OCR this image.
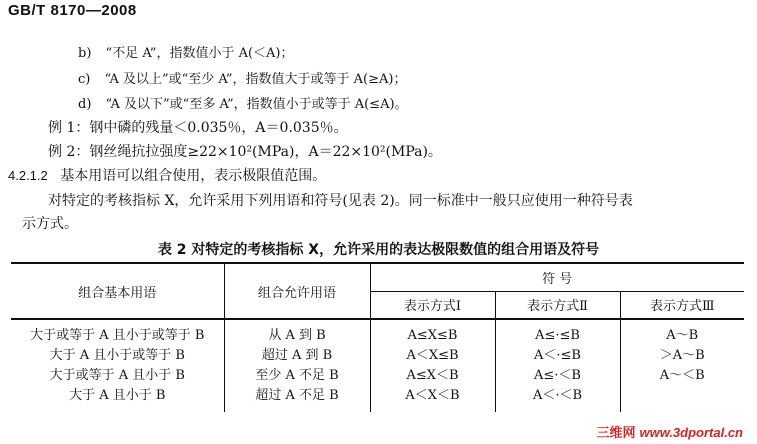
GB/T 8170—2008
b) “不足 A”，指数值小于 A(＜A)；
c) “A 及以上”或“至少 A”，指数值大于或等于 A(≥A)；
d) “A 及以下”或“至多 A”，指数值小于或等于 A(≤A)。
例 1：钢中磷的残量＜0.035％，A＝0.035％。
例 2：钢丝绳抗拉强度≥22×10²(MPa)，A＝22×10²(MPa)。
4.2.1.2 基本用语可以组合使用，表示极限值范围。
对特定的考核指标 X，允许采用下列用语和符号(见表 2)。同一标准中一般只应使用一种符号表
示方式。
表 2 对特定的考核指标 X，允许采用的表达极限数值的组合用语及符号
组合基本用语	组合允许用语	符 号		
		表示方式Ⅰ	表示方式Ⅱ	表示方式Ⅲ
大于或等于 A 且小于或等于 B	从 A 到 B	A≤X≤B	A≤·≤B	A～B
大于 A 且小于或等于 B	超过 A 到 B	A＜X≤B	A＜·≤B	＞A～B
大于或等于 A 且小于 B	至少 A 不足 B	A≤X＜B	A≤·＜B	A～＜B
大于 A 且小于 B	超过 A 不足 B	A＜X＜B	A＜·＜B	
三维网 www.3dportal.cn
